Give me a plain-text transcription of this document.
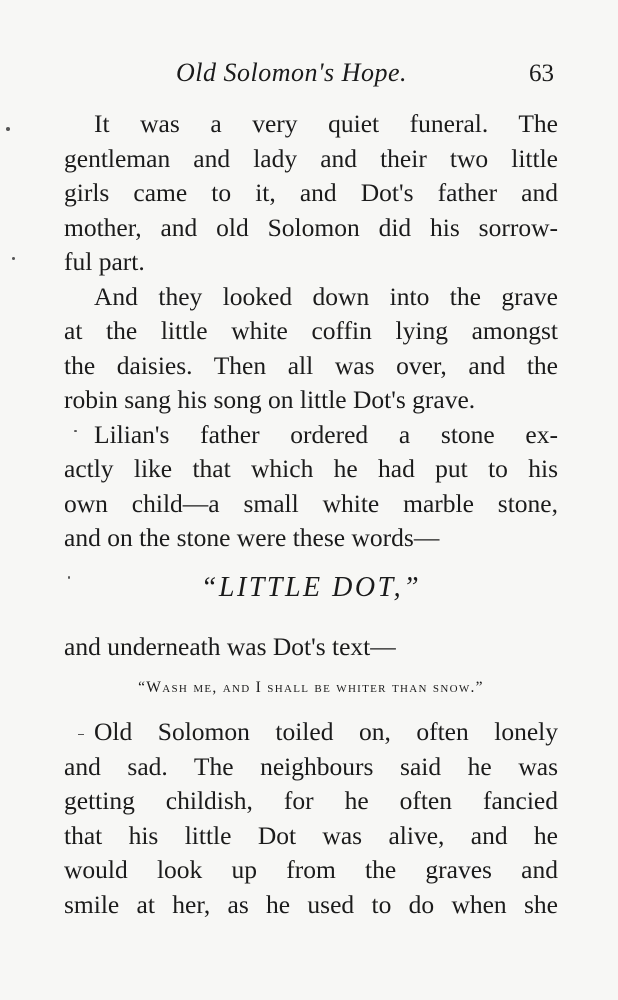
Old Solomon's Hope.	63
It was a very quiet funeral. The
gentleman and lady and their two little
girls came to it, and Dot's father and
mother, and old Solomon did his sorrow-
ful part.
And they looked down into the grave
at the little white coffin lying amongst
the daisies. Then all was over, and the
robin sang his song on little Dot's grave.
Lilian's father ordered a stone ex-
actly like that which he had put to his
own child—a small white marble stone,
and on the stone were these words—
“LITTLE DOT,”
and underneath was Dot's text—
“Wash me, and I shall be whiter than snow.”
Old Solomon toiled on, often lonely
and sad. The neighbours said he was
getting childish, for he often fancied
that his little Dot was alive, and he
would look up from the graves and
smile at her, as he used to do when she
